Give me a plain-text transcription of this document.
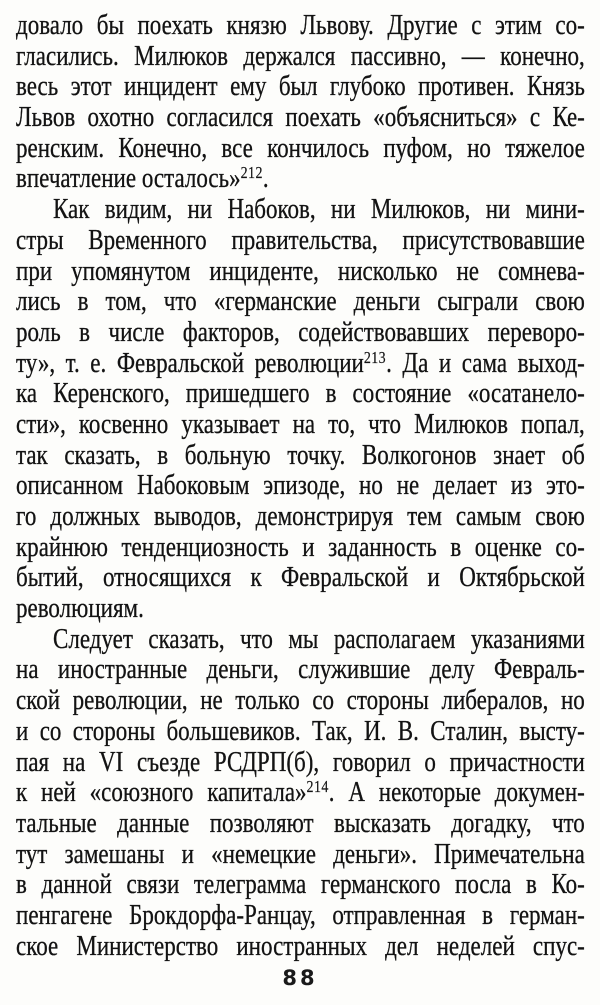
довало бы поехать князю Львову. Другие с этим со-
гласились. Милюков держался пассивно, — конечно,
весь этот инцидент ему был глубоко противен. Князь
Львов охотно согласился поехать «объясниться» с Ке-
ренским. Конечно, все кончилось пуфом, но тяжелое
впечатление осталось»$^{212}$.
Как видим, ни Набоков, ни Милюков, ни мини-
стры Временного правительства, присутствовавшие
при упомянутом инциденте, нисколько не сомнева-
лись в том, что «германские деньги сыграли свою
роль в числе факторов, содействовавших переворо-
ту», т. е. Февральской революции$^{213}$. Да и сама выход-
ка Керенского, пришедшего в состояние «осатанело-
сти», косвенно указывает на то, что Милюков попал,
так сказать, в больную точку. Волкогонов знает об
описанном Набоковым эпизоде, но не делает из это-
го должных выводов, демонстрируя тем самым свою
крайнюю тенденциозность и заданность в оценке со-
бытий, относящихся к Февральской и Октябрьской
революциям.
Следует сказать, что мы располагаем указаниями
на иностранные деньги, служившие делу Февраль-
ской революции, не только со стороны либералов, но
и со стороны большевиков. Так, И. В. Сталин, высту-
пая на VI съезде РСДРП(б), говорил о причастности
к ней «союзного капитала»$^{214}$. А некоторые докумен-
тальные данные позволяют высказать догадку, что
тут замешаны и «немецкие деньги». Примечательна
в данной связи телеграмма германского посла в Ко-
пенгагене Брокдорфа-Ранцау, отправленная в герман-
ское Министерство иностранных дел неделей спус-
88
